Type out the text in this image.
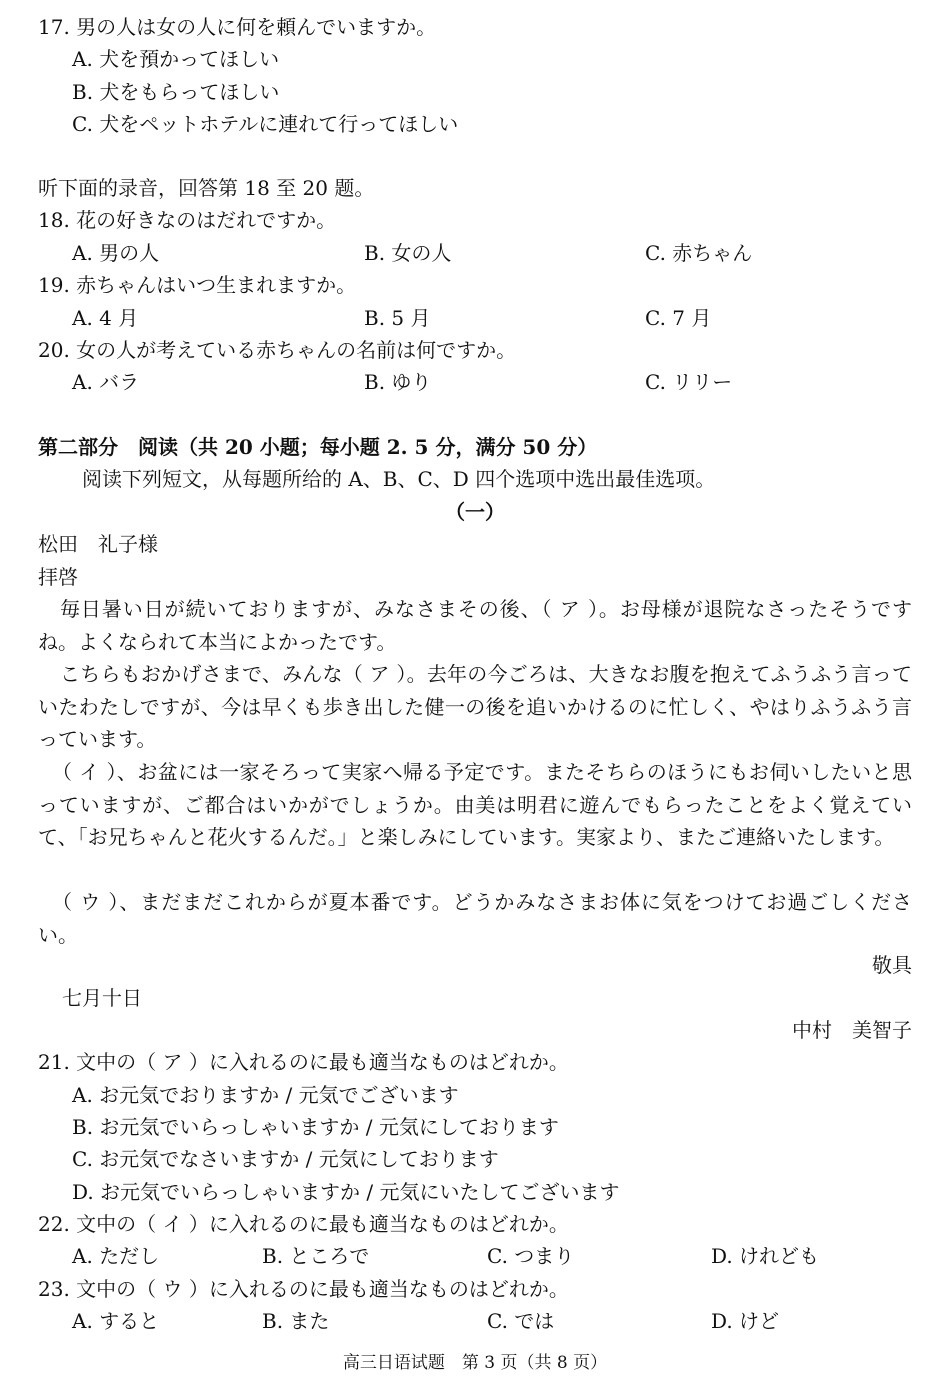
17. 男の人は女の人に何を頼んでいますか。
A. 犬を預かってほしい
B. 犬をもらってほしい
C. 犬をペットホテルに連れて行ってほしい
听下面的录音，回答第 18 至 20 题。
18. 花の好きなのはだれですか。
A. 男の人	B. 女の人	C. 赤ちゃん
19. 赤ちゃんはいつ生まれますか。
A. 4 月	B. 5 月	C. 7 月
20. 女の人が考えている赤ちゃんの名前は何ですか。
A. バラ	B. ゆり	C. リリー
第二部分　阅读（共 20 小题；每小题 2. 5 分，满分 50 分）
阅读下列短文，从每题所给的 A、B、C、D 四个选项中选出最佳选项。
（一）
松田　礼子様
拝啓
毎日暑い日が続いておりますが、みなさまその後、（ ア ）。お母様が退院なさったそうですね。よくなられて本当によかったです。
こちらもおかげさまで、みんな（ ア ）。去年の今ごろは、大きなお腹を抱えてふうふう言っていたわたしですが、今は早くも歩き出した健一の後を追いかけるのに忙しく、やはりふうふう言っています。
（ イ ）、お盆には一家そろって実家へ帰る予定です。またそちらのほうにもお伺いしたいと思っていますが、ご都合はいかがでしょうか。由美は明君に遊んでもらったことをよく覚えていて、「お兄ちゃんと花火するんだ。」と楽しみにしています。実家より、またご連絡いたします。
（ ウ ）、まだまだこれからが夏本番です。どうかみなさまお体に気をつけてお過ごしください。
敬具
七月十日
中村　美智子
21. 文中の（ ア ）に入れるのに最も適当なものはどれか。
A. お元気でおりますか / 元気でございます
B. お元気でいらっしゃいますか / 元気にしております
C. お元気でなさいますか / 元気にしております
D. お元気でいらっしゃいますか / 元気にいたしてございます
22. 文中の（ イ ）に入れるのに最も適当なものはどれか。
A. ただし	B. ところで	C. つまり	D. けれども
23. 文中の（ ウ ）に入れるのに最も適当なものはどれか。
A. すると	B. また	C. では	D. けど
高三日语试题　第 3 页（共 8 页）
